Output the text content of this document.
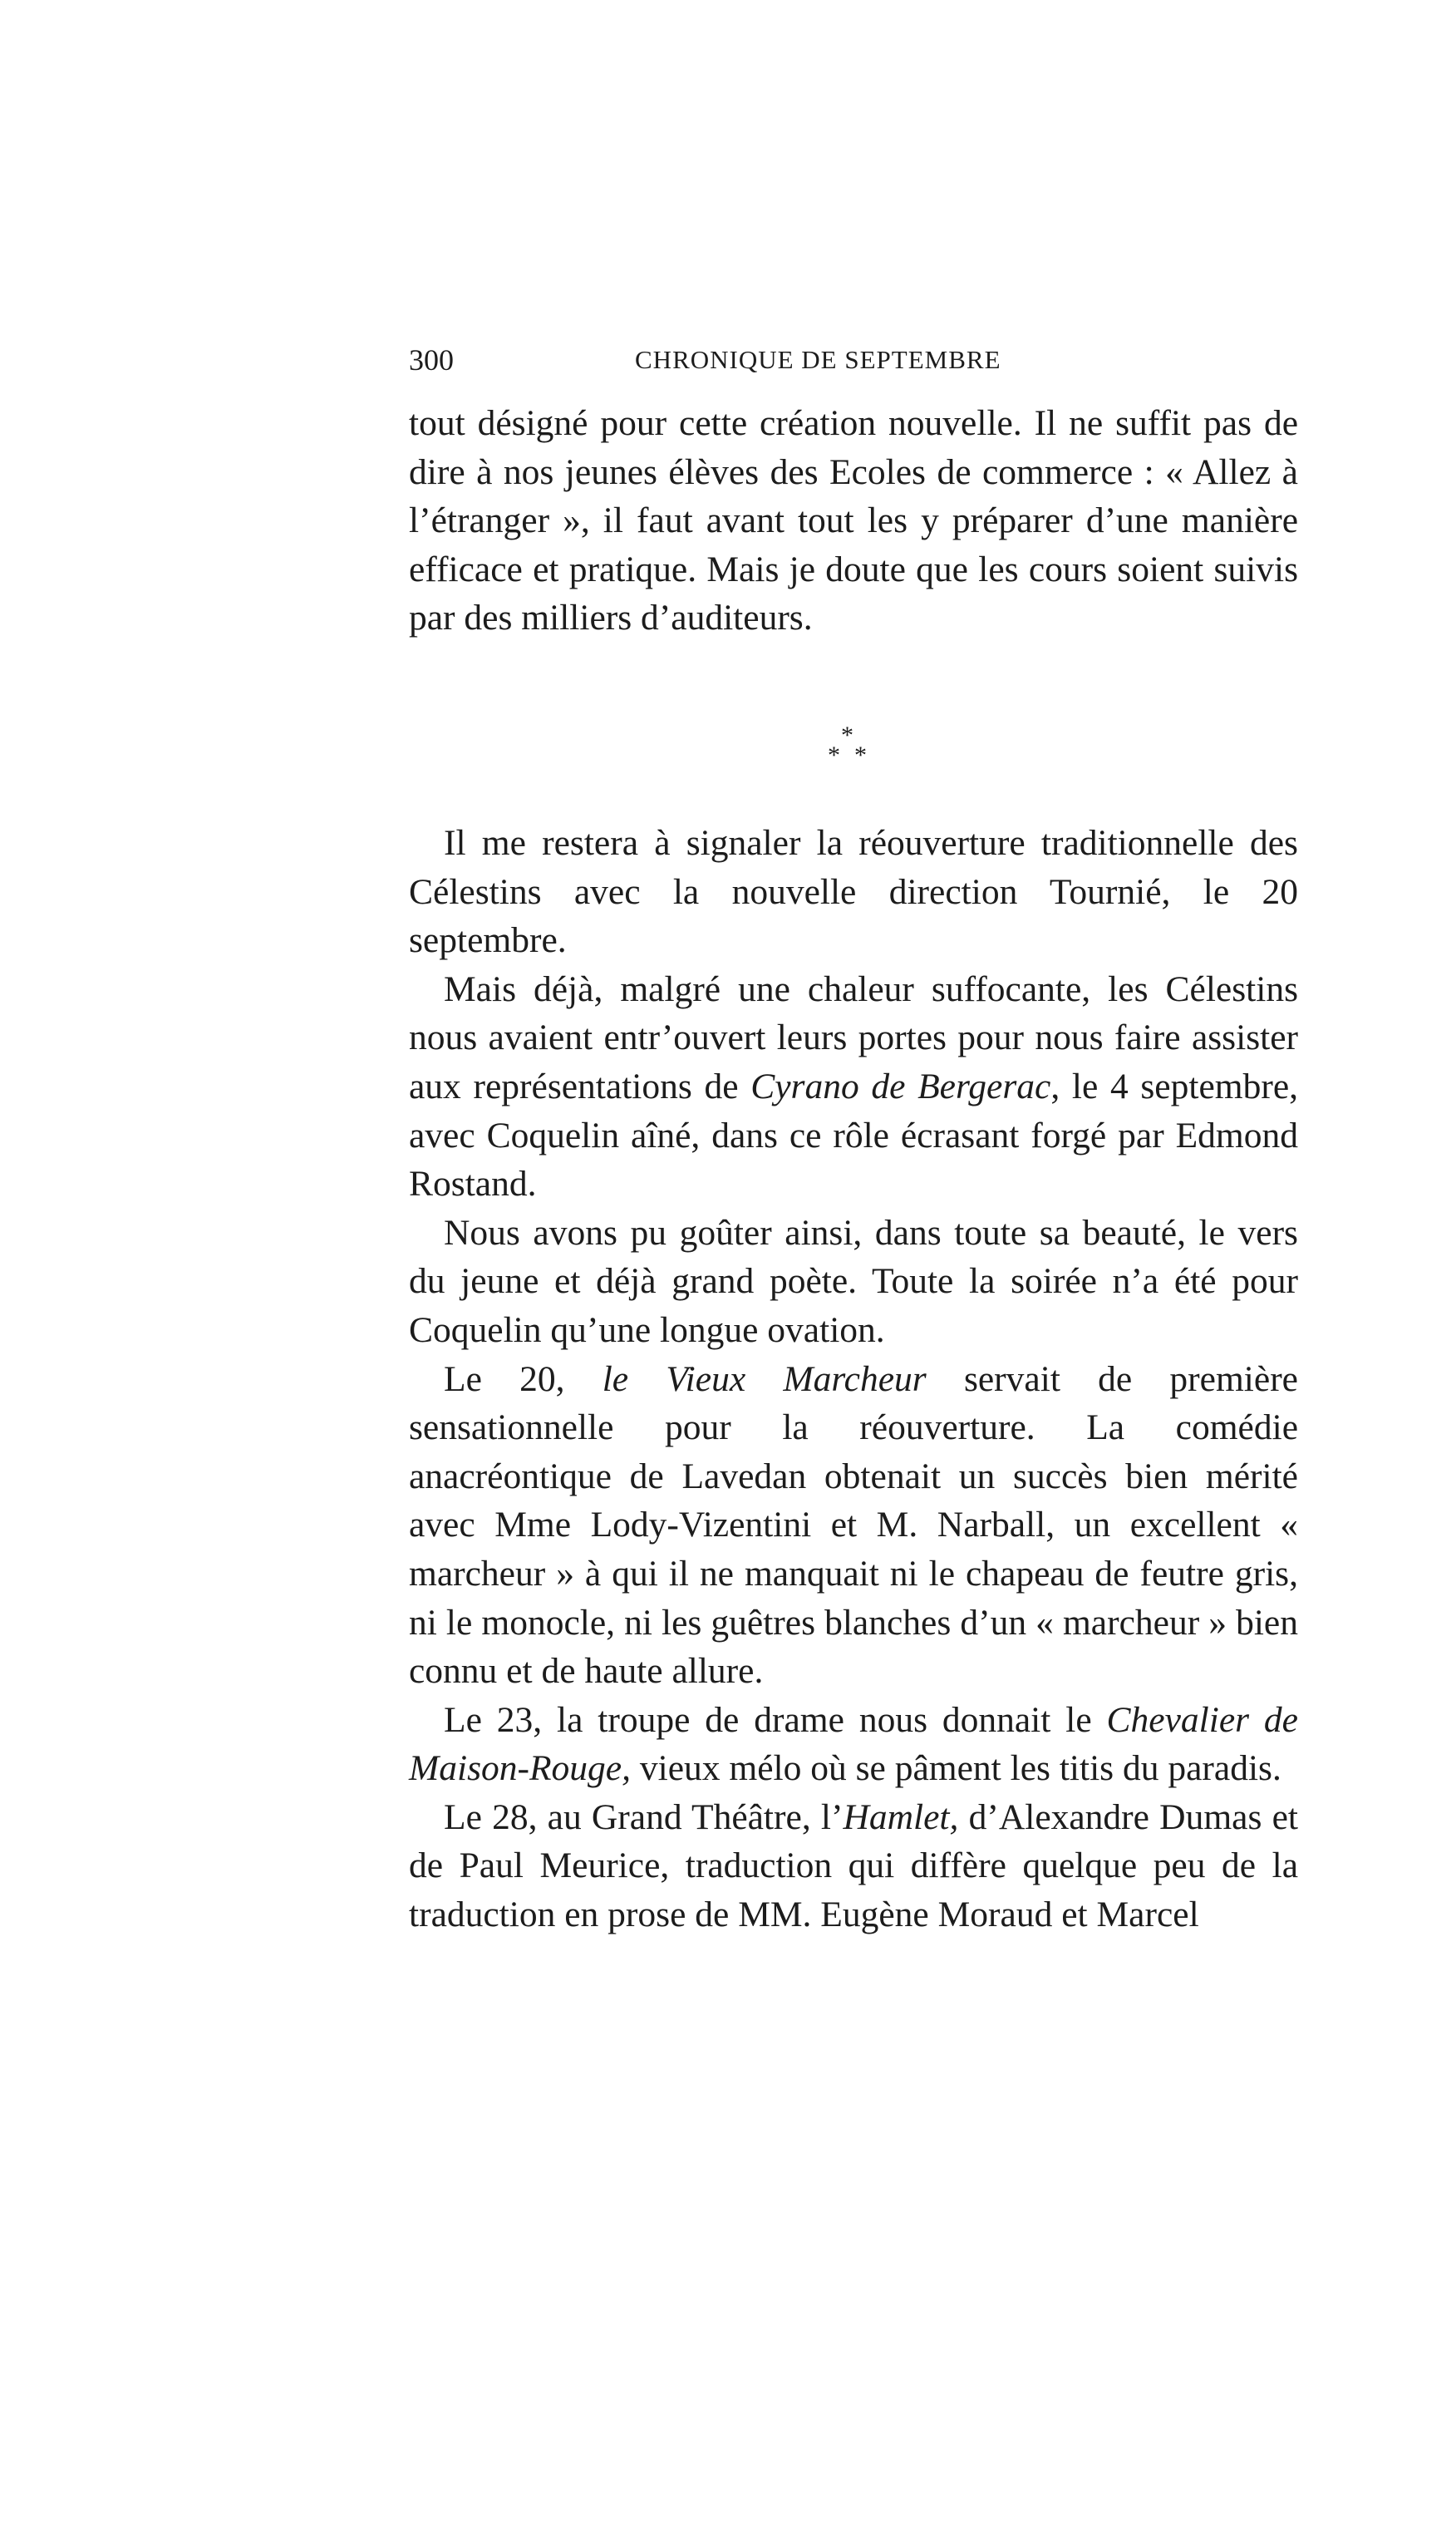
300	CHRONIQUE DE SEPTEMBRE

tout désigné pour cette création nouvelle. Il ne suffit pas de dire à nos jeunes élèves des Ecoles de commerce : « Allez à l’étranger », il faut avant tout les y préparer d’une manière efficace et pratique. Mais je doute que les cours soient suivis par des milliers d’auditeurs.

*
* *

Il me restera à signaler la réouverture traditionnelle des Célestins avec la nouvelle direction Tournié, le 20 septembre.

Mais déjà, malgré une chaleur suffocante, les Célestins nous avaient entr’ouvert leurs portes pour nous faire assister aux représentations de Cyrano de Bergerac, le 4 septembre, avec Coquelin aîné, dans ce rôle écrasant forgé par Edmond Rostand.

Nous avons pu goûter ainsi, dans toute sa beauté, le vers du jeune et déjà grand poète. Toute la soirée n’a été pour Coquelin qu’une longue ovation.

Le 20, le Vieux Marcheur servait de première sensationnelle pour la réouverture. La comédie anacréontique de Lavedan obtenait un succès bien mérité avec Mme Lody-Vizentini et M. Narball, un excellent « marcheur » à qui il ne manquait ni le chapeau de feutre gris, ni le monocle, ni les guêtres blanches d’un « marcheur » bien connu et de haute allure.

Le 23, la troupe de drame nous donnait le Chevalier de Maison-Rouge, vieux mélo où se pâment les titis du paradis.

Le 28, au Grand Théâtre, l’Hamlet, d’Alexandre Dumas et de Paul Meurice, traduction qui diffère quelque peu de la traduction en prose de MM. Eugène Moraud et Marcel
